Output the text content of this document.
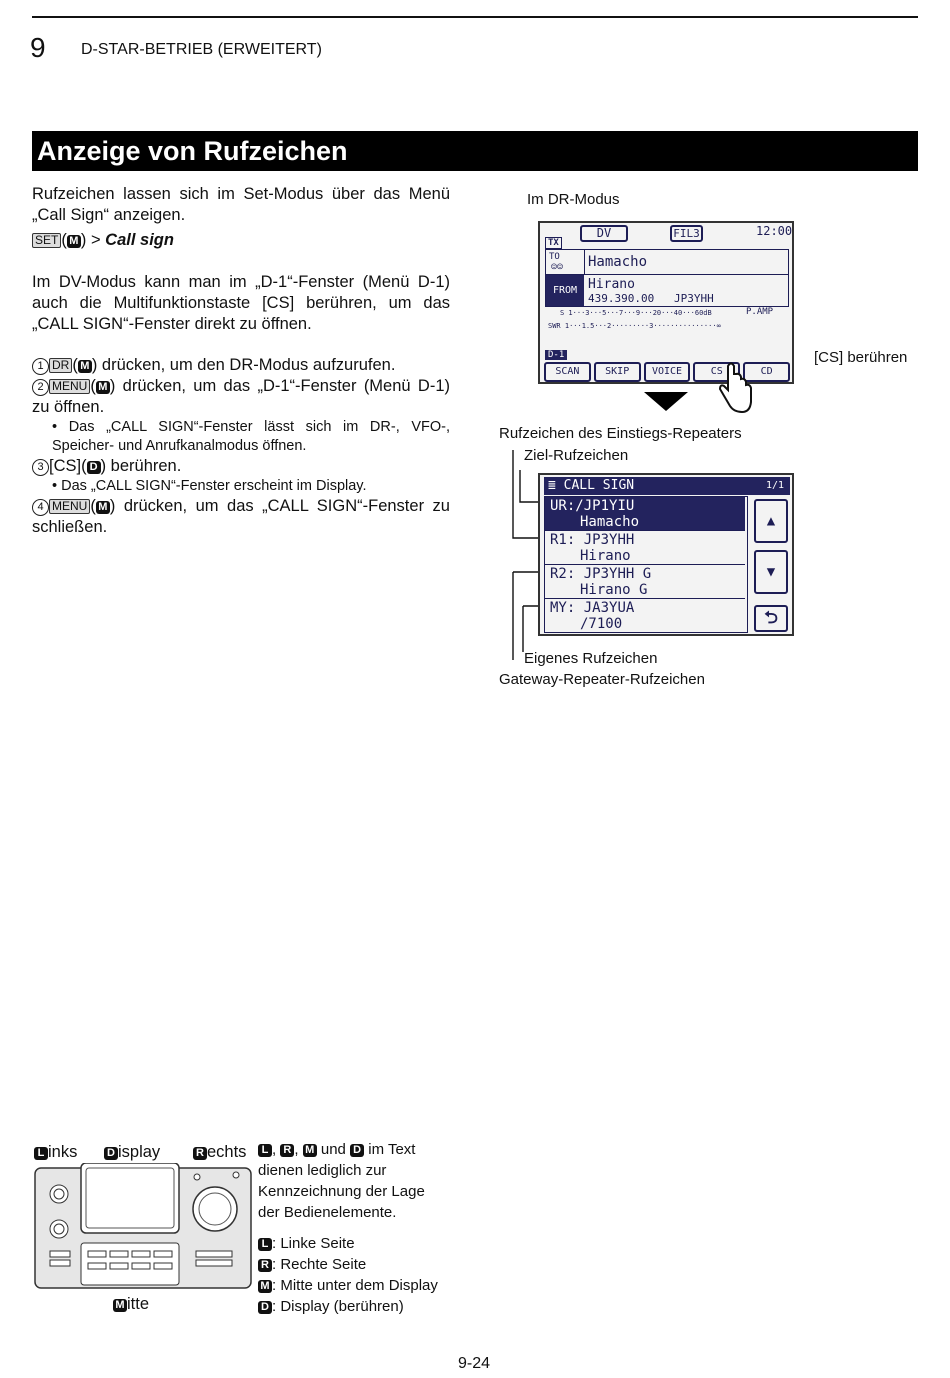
9 D-STAR-BETRIEB (ERWEITERT)
Anzeige von Rufzeichen
Rufzeichen lassen sich im Set-Modus über das Menü „Call Sign“ anzeigen.
SET ( M ) > Call sign
Im DV-Modus kann man im „D-1“-Fenster (Menü D-1) auch die Multifunktionstaste [CS] berühren, um das „CALL SIGN“-Fenster direkt zu öffnen.
1 DR ( M ) drücken, um den DR-Modus aufzurufen.
2 MENU ( M ) drücken, um das „D-1“-Fenster (Menü D-1) zu öffnen.
• Das „CALL SIGN“-Fenster lässt sich im DR-, VFO-, Speicher- und Anrufkanalmodus öffnen.
3 [CS]( D ) berühren.
• Das „CALL SIGN“-Fenster erscheint im Display.
4 MENU ( M ) drücken, um das „CALL SIGN“-Fenster zu schließen.
Im DR-Modus
[CS] berühren
DV	FIL3	12:00
TX
TO
☺☺ Hamacho
FROM Hirano
439.390.00 JP3YHH
S 1···3···5···7···9···20···40···60dB	P.AMP
SWR 1···1.5···2·········3···············∞
D-1
SCAN	SKIP	VOICE	CS	CD
Rufzeichen des Einstiegs-Repeaters
Ziel-Rufzeichen
≣ CALL SIGN	1/1
UR:/JP1YIU
Hamacho
R1: JP3YHH
Hirano
R2: JP3YHH G
Hirano G
MY: JA3YUA
/7100
▲
▼
⮌
Eigenes Rufzeichen
Gateway-Repeater-Rufzeichen
L inks	D isplay	R echts
M itte
L , R , M und D im Text dienen lediglich zur Kennzeichnung der Lage der Bedienelemente.
L : Linke Seite
R : Rechte Seite
M : Mitte unter dem Display
D : Display (berühren)
9-24
